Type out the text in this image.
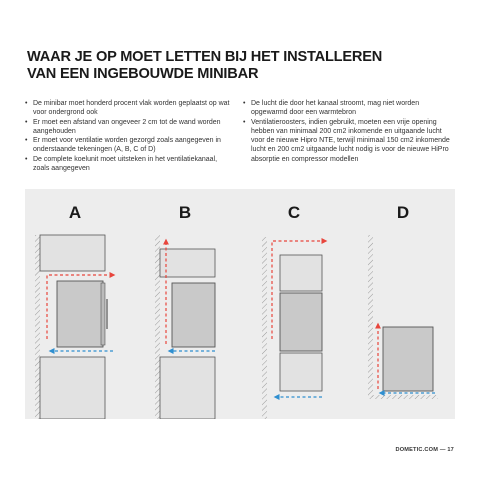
WAAR JE OP MOET LETTEN BIJ HET INSTALLEREN
VAN EEN INGEBOUWDE MINIBAR
• De minibar moet honderd procent vlak worden geplaatst op wat voor ondergrond ook
• Er moet een afstand van ongeveer 2 cm tot de wand worden aangehouden
• Er moet voor ventilatie worden gezorgd zoals aangegeven in onderstaande tekeningen (A, B, C of D)
• De complete koelunit moet uitsteken in het ventilatiekanaal, zoals aangegeven
• De lucht die door het kanaal stroomt, mag niet worden opgewarmd door een warmtebron
• Ventilatieroosters, indien gebruikt, moeten een vrije opening hebben van minimaal 200 cm2 inkomende en uitgaande lucht voor de nieuwe Hipro NTE, terwijl minimaal 150 cm2 inkomende lucht en 200 cm2 uitgaande lucht nodig is voor de nieuwe HiPro absorptie en compressor modellen
A	B	C	D
DOMETIC.COM — 17
